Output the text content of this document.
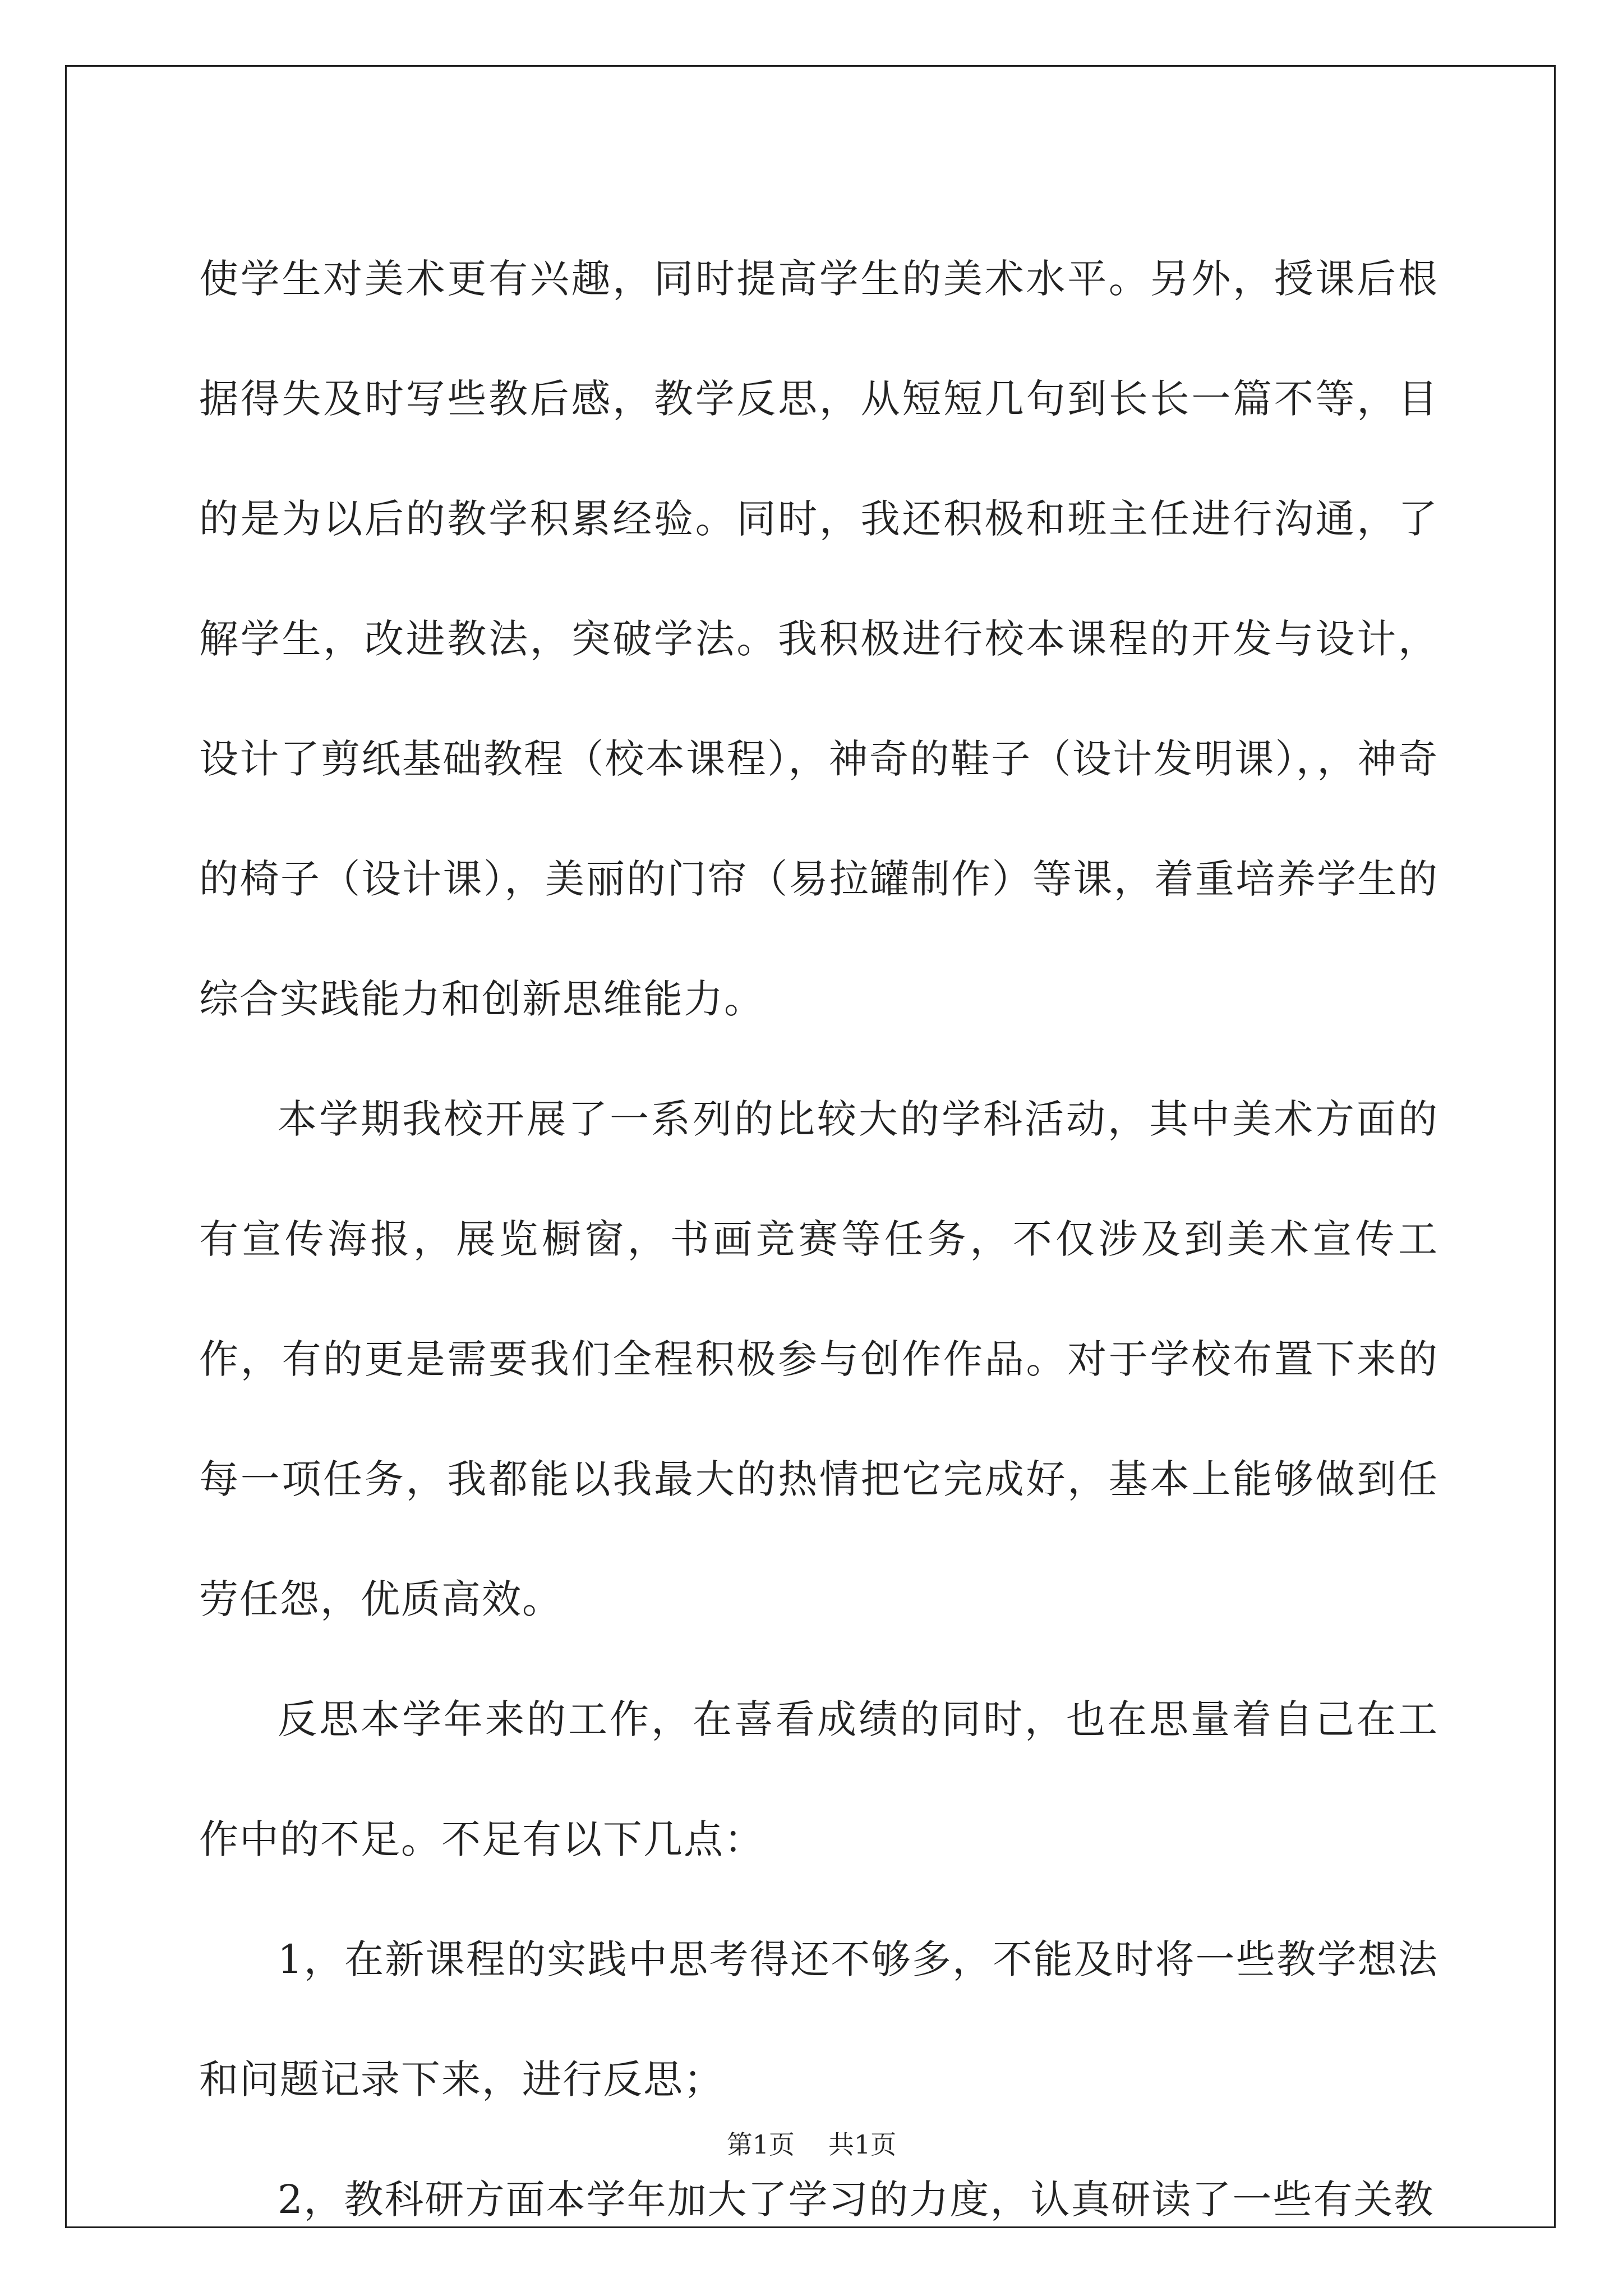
使学生对美术更有兴趣，同时提高学生的美术水平。另外，授课后根据得失及时写些教后感，教学反思，从短短几句到长长一篇不等，目的是为以后的教学积累经验。同时，我还积极和班主任进行沟通，了解学生，改进教法，突破学法。我积极进行校本课程的开发与设计，设计了剪纸基础教程（校本课程），神奇的鞋子（设计发明课），，神奇的椅子（设计课），美丽的门帘（易拉罐制作）等课，着重培养学生的综合实践能力和创新思维能力。

本学期我校开展了一系列的比较大的学科活动，其中美术方面的有宣传海报，展览橱窗，书画竞赛等任务，不仅涉及到美术宣传工作，有的更是需要我们全程积极参与创作作品。对于学校布置下来的每一项任务，我都能以我最大的热情把它完成好，基本上能够做到任劳任怨，优质高效。

反思本学年来的工作，在喜看成绩的同时，也在思量着自己在工作中的不足。不足有以下几点：

1，在新课程的实践中思考得还不够多，不能及时将一些教学想法和问题记录下来，进行反思；

2，教科研方面本学年加大了学习的力度，认真研读了一些有关教

第1页 共1页
